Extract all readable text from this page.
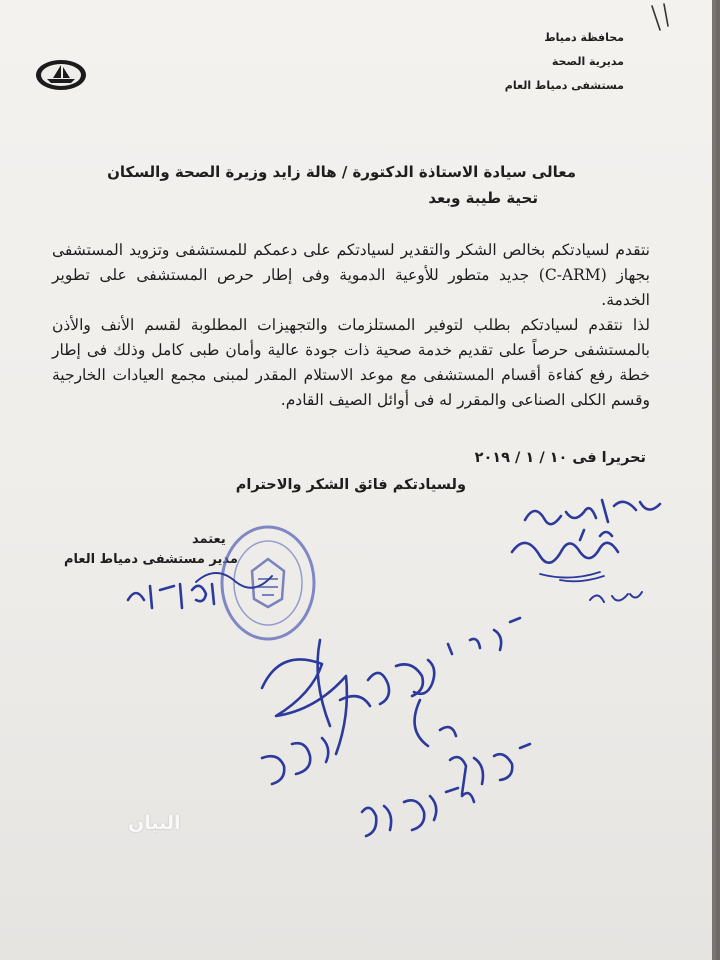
محافظة دمياط
مديرية الصحة
مستشفى دمياط العام
معالى سيادة الاستاذة الدكتورة / هالة زايد وزيرة الصحة والسكان
تحية طيبة وبعد

نتقدم لسيادتكم بخالص الشكر والتقدير لسيادتكم على دعمكم للمستشفى وتزويد المستشفى بجهاز (C-ARM) جديد متطور للأوعية الدموية وفى إطار حرص المستشفى على تطوير الخدمة.

لذا نتقدم لسيادتكم بطلب لتوفير المستلزمات والتجهيزات المطلوبة لقسم الأنف والأذن بالمستشفى حرصاً على تقديم خدمة صحية ذات جودة عالية وأمان طبى كامل وذلك فى إطار خطة رفع كفاءة أقسام المستشفى مع موعد الاستلام المقدر لمبنى مجمع العيادات الخارجية وقسم الكلى الصناعى والمقرر له فى أوائل الصيف القادم.

تحريرا فى ١٠ / ١ / ٢٠١٩
ولسيادتكم فائق الشكر والاحترام
يعتمد
مدير مستشفى دمياط العام
البيان
